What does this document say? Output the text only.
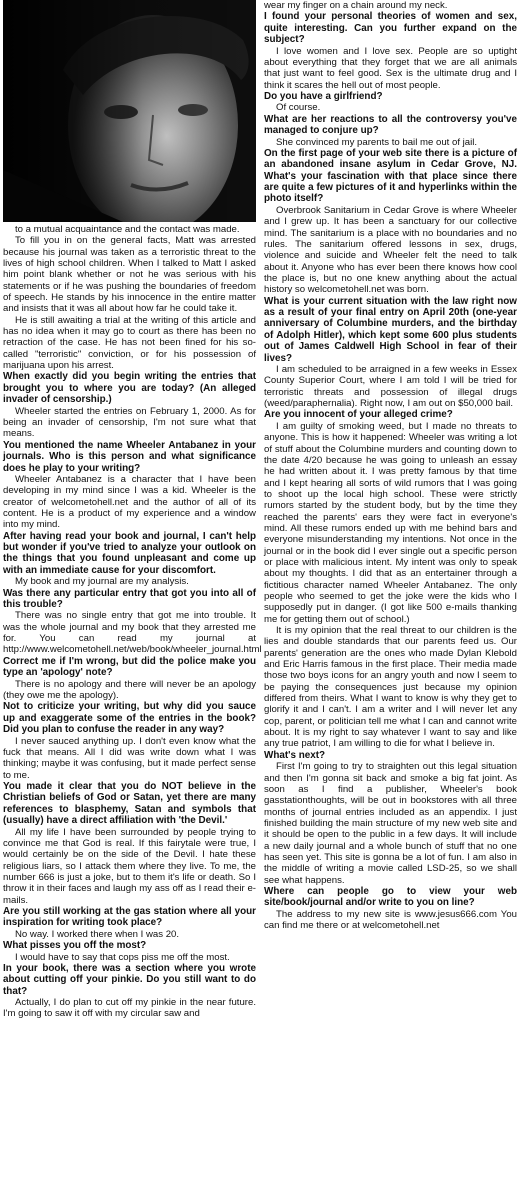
to a mutual acquaintance and the contact was made.

To fill you in on the general facts, Matt was arrested because his journal was taken as a terroristic threat to the lives of high school children. When I talked to Matt I asked him point blank whether or not he was serious with his statements or if he was pushing the boundaries of freedom of speech. He stands by his innocence in the entire matter and insists that it was all about how far he could take it.

He is still awaiting a trial at the writing of this article and has no idea when it may go to court as there has been no retraction of the case. He has not been fined for his so-called "terroristic" conviction, or for his possession of marijuana upon his arrest.

When exactly did you begin writing the entries that brought you to where you are today? (An alleged invader of censorship.)

Wheeler started the entries on February 1, 2000. As for being an invader of censorship, I'm not sure what that means.

You mentioned the name Wheeler Antabanez in your journals. Who is this person and what significance does he play to your writing?

Wheeler Antabanez is a character that I have been developing in my mind since I was a kid. Wheeler is the creator of welcometohell.net and the author of all of its content. He is a product of my experience and a window into my mind.

After having read your book and journal, I can't help but wonder if you've tried to analyze your outlook on the things that you found unpleasant and come up with an immediate cause for your discomfort.

My book and my journal are my analysis.

Was there any particular entry that got you into all of this trouble?

There was no single entry that got me into trouble. It was the whole journal and my book that they arrested me for. You can read my journal at http://www.welcometohell.net/web/book/wheeler_journal.html

Correct me if I'm wrong, but did the police make you type an 'apology' note?

There is no apology and there will never be an apology (they owe me the apology).

Not to criticize your writing, but why did you sauce up and exaggerate some of the entries in the book? Did you plan to confuse the reader in any way?

I never sauced anything up. I don't even know what the fuck that means. All I did was write down what I was thinking; maybe it was confusing, but it made perfect sense to me.

You made it clear that you do NOT believe in the Christian beliefs of God or Satan, yet there are many references to blasphemy, Satan and symbols that (usually) have a direct affiliation with 'the Devil.'

All my life I have been surrounded by people trying to convince me that God is real. If this fairytale were true, I would certainly be on the side of the Devil. I hate these religious liars, so I attack them where they live. To me, the number 666 is just a joke, but to them it's life or death. So I throw it in their faces and laugh my ass off as I read their e-mails.

Are you still working at the gas station where all your inspiration for writing took place?

No way. I worked there when I was 20.

What pisses you off the most?

I would have to say that cops piss me off the most.

In your book, there was a section where you wrote about cutting off your pinkie. Do you still want to do that?

Actually, I do plan to cut off my pinkie in the near future. I'm going to saw it off with my circular saw and

wear my finger on a chain around my neck.

I found your personal theories of women and sex, quite interesting. Can you further expand on the subject?

I love women and I love sex. People are so uptight about everything that they forget that we are all animals that just want to feel good. Sex is the ultimate drug and I think it scares the hell out of most people.

Do you have a girlfriend?

Of course.

What are her reactions to all the controversy you've managed to conjure up?

She convinced my parents to bail me out of jail.

On the first page of your web site there is a picture of an abandoned insane asylum in Cedar Grove, NJ. What's your fascination with that place since there are quite a few pictures of it and hyperlinks within the photo itself?

Overbrook Sanitarium in Cedar Grove is where Wheeler and I grew up. It has been a sanctuary for our collective mind. The sanitarium is a place with no boundaries and no rules. The sanitarium offered lessons in sex, drugs, violence and suicide and Wheeler felt the need to talk about it. Anyone who has ever been there knows how cool the place is, but no one knew anything about the actual history so welcometohell.net was born.

What is your current situation with the law right now as a result of your final entry on April 20th (one-year anniversary of Columbine murders, and the birthday of Adolph Hitler), which kept some 600 plus students out of James Caldwell High School in fear of their lives?

I am scheduled to be arraigned in a few weeks in Essex County Superior Court, where I am told I will be tried for terroristic threats and possession of illegal drugs (weed/paraphernalia). Right now, I am out on $50,000 bail.

Are you innocent of your alleged crime?

I am guilty of smoking weed, but I made no threats to anyone. This is how it happened: Wheeler was writing a lot of stuff about the Columbine murders and counting down to the date 4/20 because he was going to unleash an essay he had written about it. I was pretty famous by that time and I kept hearing all sorts of wild rumors that I was going to shoot up the local high school. These were strictly rumors started by the student body, but by the time they reached the parents' ears they were fact in everyone's mind. All these rumors ended up with me behind bars and everyone misunderstanding my intentions. Not once in the journal or in the book did I ever single out a specific person or place with malicious intent. My intent was only to speak about my thoughts. I did that as an entertainer through a fictitious character named Wheeler Antabanez. The only people who seemed to get the joke were the kids who I supposedly put in danger. (I got like 500 e-mails thanking me for getting them out of school.)

It is my opinion that the real threat to our children is the lies and double standards that our parents feed us. Our parents' generation are the ones who made Dylan Klebold and Eric Harris famous in the first place. Their media made those two boys icons for an angry youth and now I seem to be paying the consequences just because my opinion differed from theirs. What I want to know is why they get to glorify it and I can't. I am a writer and I will never let any cop, parent, or politician tell me what I can and cannot write about. It is my right to say whatever I want to say and like any true patriot, I am willing to die for what I believe in.

What's next?

First I'm going to try to straighten out this legal situation and then I'm gonna sit back and smoke a big fat joint. As soon as I find a publisher, Wheeler's book gasstationthoughts, will be out in bookstores with all three months of journal entries included as an appendix. I just finished building the main structure of my new web site and it should be open to the public in a few days. It will include a new daily journal and a whole bunch of stuff that no one has seen yet. This site is gonna be a lot of fun. I am also in the middle of writing a movie called LSD-25, so we shall see what happens.

Where can people go to view your web site/book/journal and/or write to you on line?

The address to my new site is www.jesus666.com You can find me there or at welcometohell.net
